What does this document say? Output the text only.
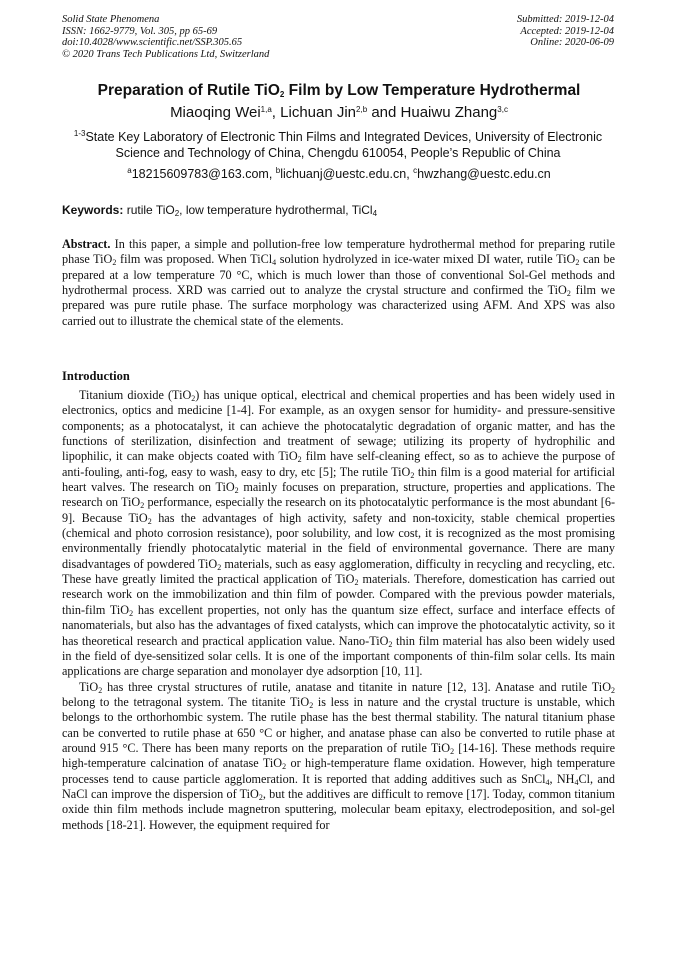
Solid State Phenomena
ISSN: 1662-9779, Vol. 305, pp 65-69
doi:10.4028/www.scientific.net/SSP.305.65
© 2020 Trans Tech Publications Ltd, Switzerland
Submitted: 2019-12-04
Accepted: 2019-12-04
Online: 2020-06-09
Preparation of Rutile TiO$_2$ Film by Low Temperature Hydrothermal
Miaoqing Wei$^{1,a}$, Lichuan Jin$^{2,b}$ and Huaiwu Zhang$^{3,c}$
$^{1-3}$State Key Laboratory of Electronic Thin Films and Integrated Devices, University of Electronic
Science and Technology of China, Chengdu 610054, People’s Republic of China
$^a$18215609783@163.com, $^b$lichuanj@uestc.edu.cn, $^c$hwzhang@uestc.edu.cn
Keywords: rutile TiO$_2$, low temperature hydrothermal, TiCl$_4$
Abstract. In this paper, a simple and pollution-free low temperature hydrothermal method for preparing rutile phase TiO$_2$ film was proposed. When TiCl$_4$ solution hydrolyzed in ice-water mixed DI water, rutile TiO$_2$ can be prepared at a low temperature 70 °C, which is much lower than those of conventional Sol-Gel methods and hydrothermal process. XRD was carried out to analyze the crystal structure and confirmed the TiO$_2$ film we prepared was pure rutile phase. The surface morphology was characterized using AFM. And XPS was also carried out to illustrate the chemical state of the elements.
Introduction

Titanium dioxide (TiO$_2$) has unique optical, electrical and chemical properties and has been widely used in electronics, optics and medicine [1-4]. For example, as an oxygen sensor for humidity- and pressure-sensitive components; as a photocatalyst, it can achieve the photocatalytic degradation of organic matter, and has the functions of sterilization, disinfection and treatment of sewage; utilizing its property of hydrophilic and lipophilic, it can make objects coated with TiO$_2$ film have self-cleaning effect, so as to achieve the purpose of anti-fouling, anti-fog, easy to wash, easy to dry, etc [5]; The rutile TiO$_2$ thin film is a good material for artificial heart valves. The research on TiO$_2$ mainly focuses on preparation, structure, properties and applications. The research on TiO$_2$ performance, especially the research on its photocatalytic performance is the most abundant [6-9]. Because TiO$_2$ has the advantages of high activity, safety and non-toxicity, stable chemical properties (chemical and photo corrosion resistance), poor solubility, and low cost, it is recognized as the most promising environmentally friendly photocatalytic material in the field of environmental governance. There are many disadvantages of powdered TiO$_2$ materials, such as easy agglomeration, difficulty in recycling and recycling, etc. These have greatly limited the practical application of TiO$_2$ materials. Therefore, domestication has carried out research work on the immobilization and thin film of powder. Compared with the previous powder materials, thin-film TiO$_2$ has excellent properties, not only has the quantum size effect, surface and interface effects of nanomaterials, but also has the advantages of fixed catalysts, which can improve the photocatalytic activity, so it has theoretical research and practical application value. Nano-TiO$_2$ thin film material has also been widely used in the field of dye-sensitized solar cells. It is one of the important components of thin-film solar cells. Its main applications are charge separation and monolayer dye adsorption [10, 11].

TiO$_2$ has three crystal structures of rutile, anatase and titanite in nature [12, 13]. Anatase and rutile TiO$_2$ belong to the tetragonal system. The titanite TiO$_2$ is less in nature and the crystal tructure is unstable, which belongs to the orthorhombic system. The rutile phase has the best thermal stability. The natural titanium phase can be converted to rutile phase at 650 °C or higher, and anatase phase can also be converted to rutile phase at around 915 °C. There has been many reports on the preparation of rutile TiO$_2$ [14-16]. These methods require high-temperature calcination of anatase TiO$_2$ or high-temperature flame oxidation. However, high temperature processes tend to cause particle agglomeration. It is reported that adding additives such as SnCl$_4$, $NH_4Cl$, and NaCl can improve the dispersion of TiO$_2$, but the additives are difficult to remove [17]. Today, common titanium oxide thin film methods include magnetron sputtering, molecular beam epitaxy, electrodeposition, and sol-gel methods [18-21]. However, the equipment required for
